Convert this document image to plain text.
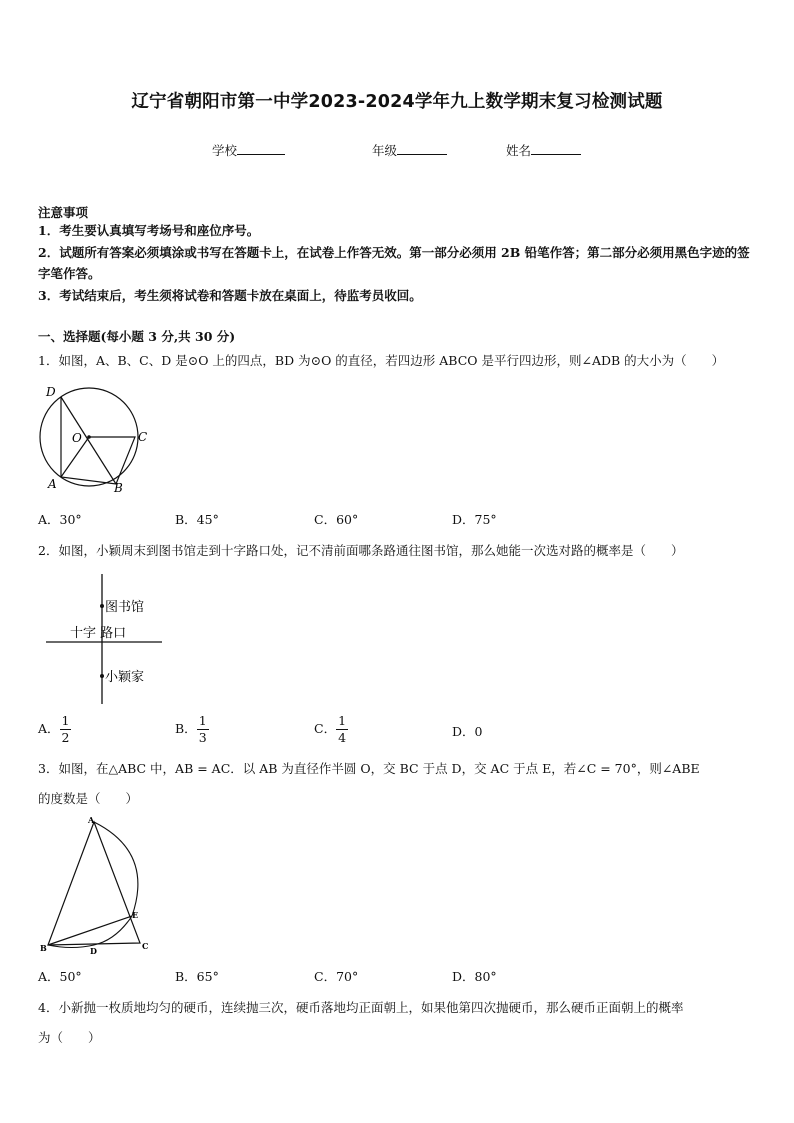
辽宁省朝阳市第一中学2023-2024学年九上数学期末复习检测试题
学校	年级	姓名
注意事项
1．考生要认真填写考场号和座位序号。
2．试题所有答案必须填涂或书写在答题卡上，在试卷上作答无效。第一部分必须用 2B 铅笔作答；第二部分必须用黑色字迹的签字笔作答。
3．考试结束后，考生须将试卷和答题卡放在桌面上，待监考员收回。
一、选择题(每小题 3 分,共 30 分)
1．如图，A、B、C、D 是⊙O 上的四点，BD 为⊙O 的直径，若四边形 ABCO 是平行四边形，则∠ADB 的大小为（　　）
D
O	C
A	B
A．30°	B．45°	C．60°	D．75°
2．如图，小颖周末到图书馆走到十字路口处，记不清前面哪条路通往图书馆，那么她能一次选对路的概率是（　　）
图书馆
十字 路口
小颖家
A． $\frac{1}{2}$	B． $\frac{1}{3}$	C． $\frac{1}{4}$	D．0
3．如图，在△ABC 中，AB = AC．以 AB 为直径作半圆 O，交 BC 于点 D，交 AC 于点 E，若∠C = 70°，则∠ABE
的度数是（　　）
A
E
B	D	C
A．50°	B．65°	C．70°	D．80°
4．小新抛一枚质地均匀的硬币，连续抛三次，硬币落地均正面朝上，如果他第四次抛硬币，那么硬币正面朝上的概率
为（　　）
